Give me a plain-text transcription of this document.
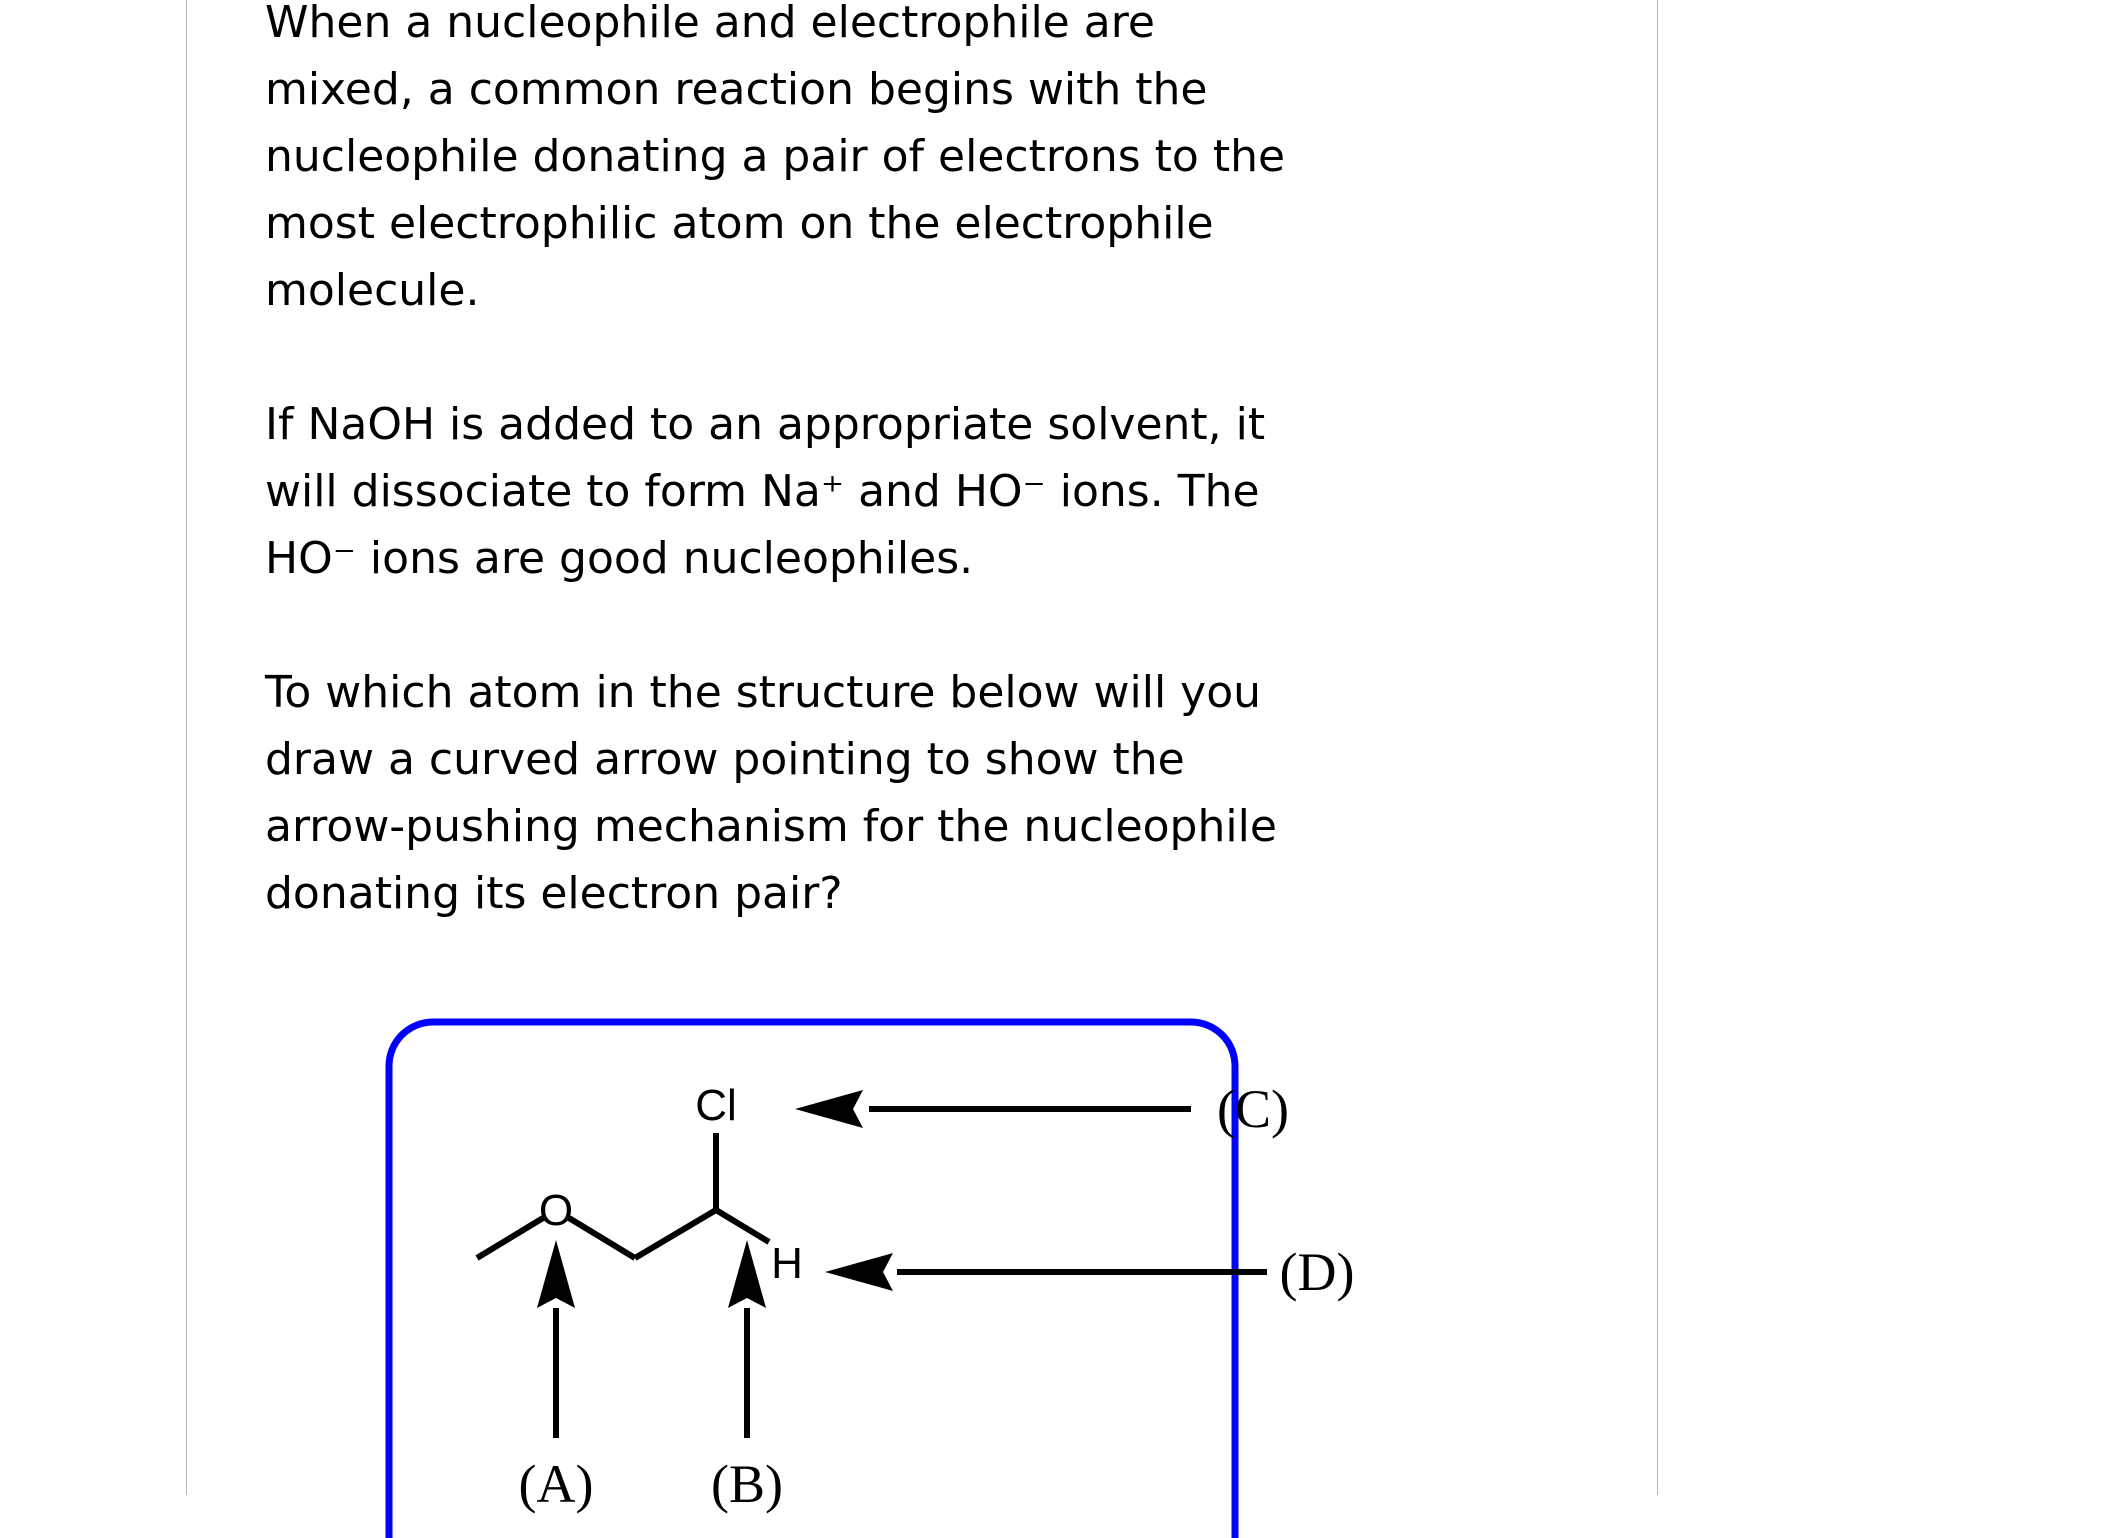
When a nucleophile and electrophile are
mixed, a common reaction begins with the
nucleophile donating a pair of electrons to the
most electrophilic atom on the electrophile
molecule.

If NaOH is added to an appropriate solvent, it
will dissociate to form Na⁺ and HO⁻ ions. The
HO⁻ ions are good nucleophiles.

To which atom in the structure below will you
draw a curved arrow pointing to show the
arrow-pushing mechanism for the nucleophile
donating its electron pair?

O
Cl
H
(A) (B)
(C)
(D)
